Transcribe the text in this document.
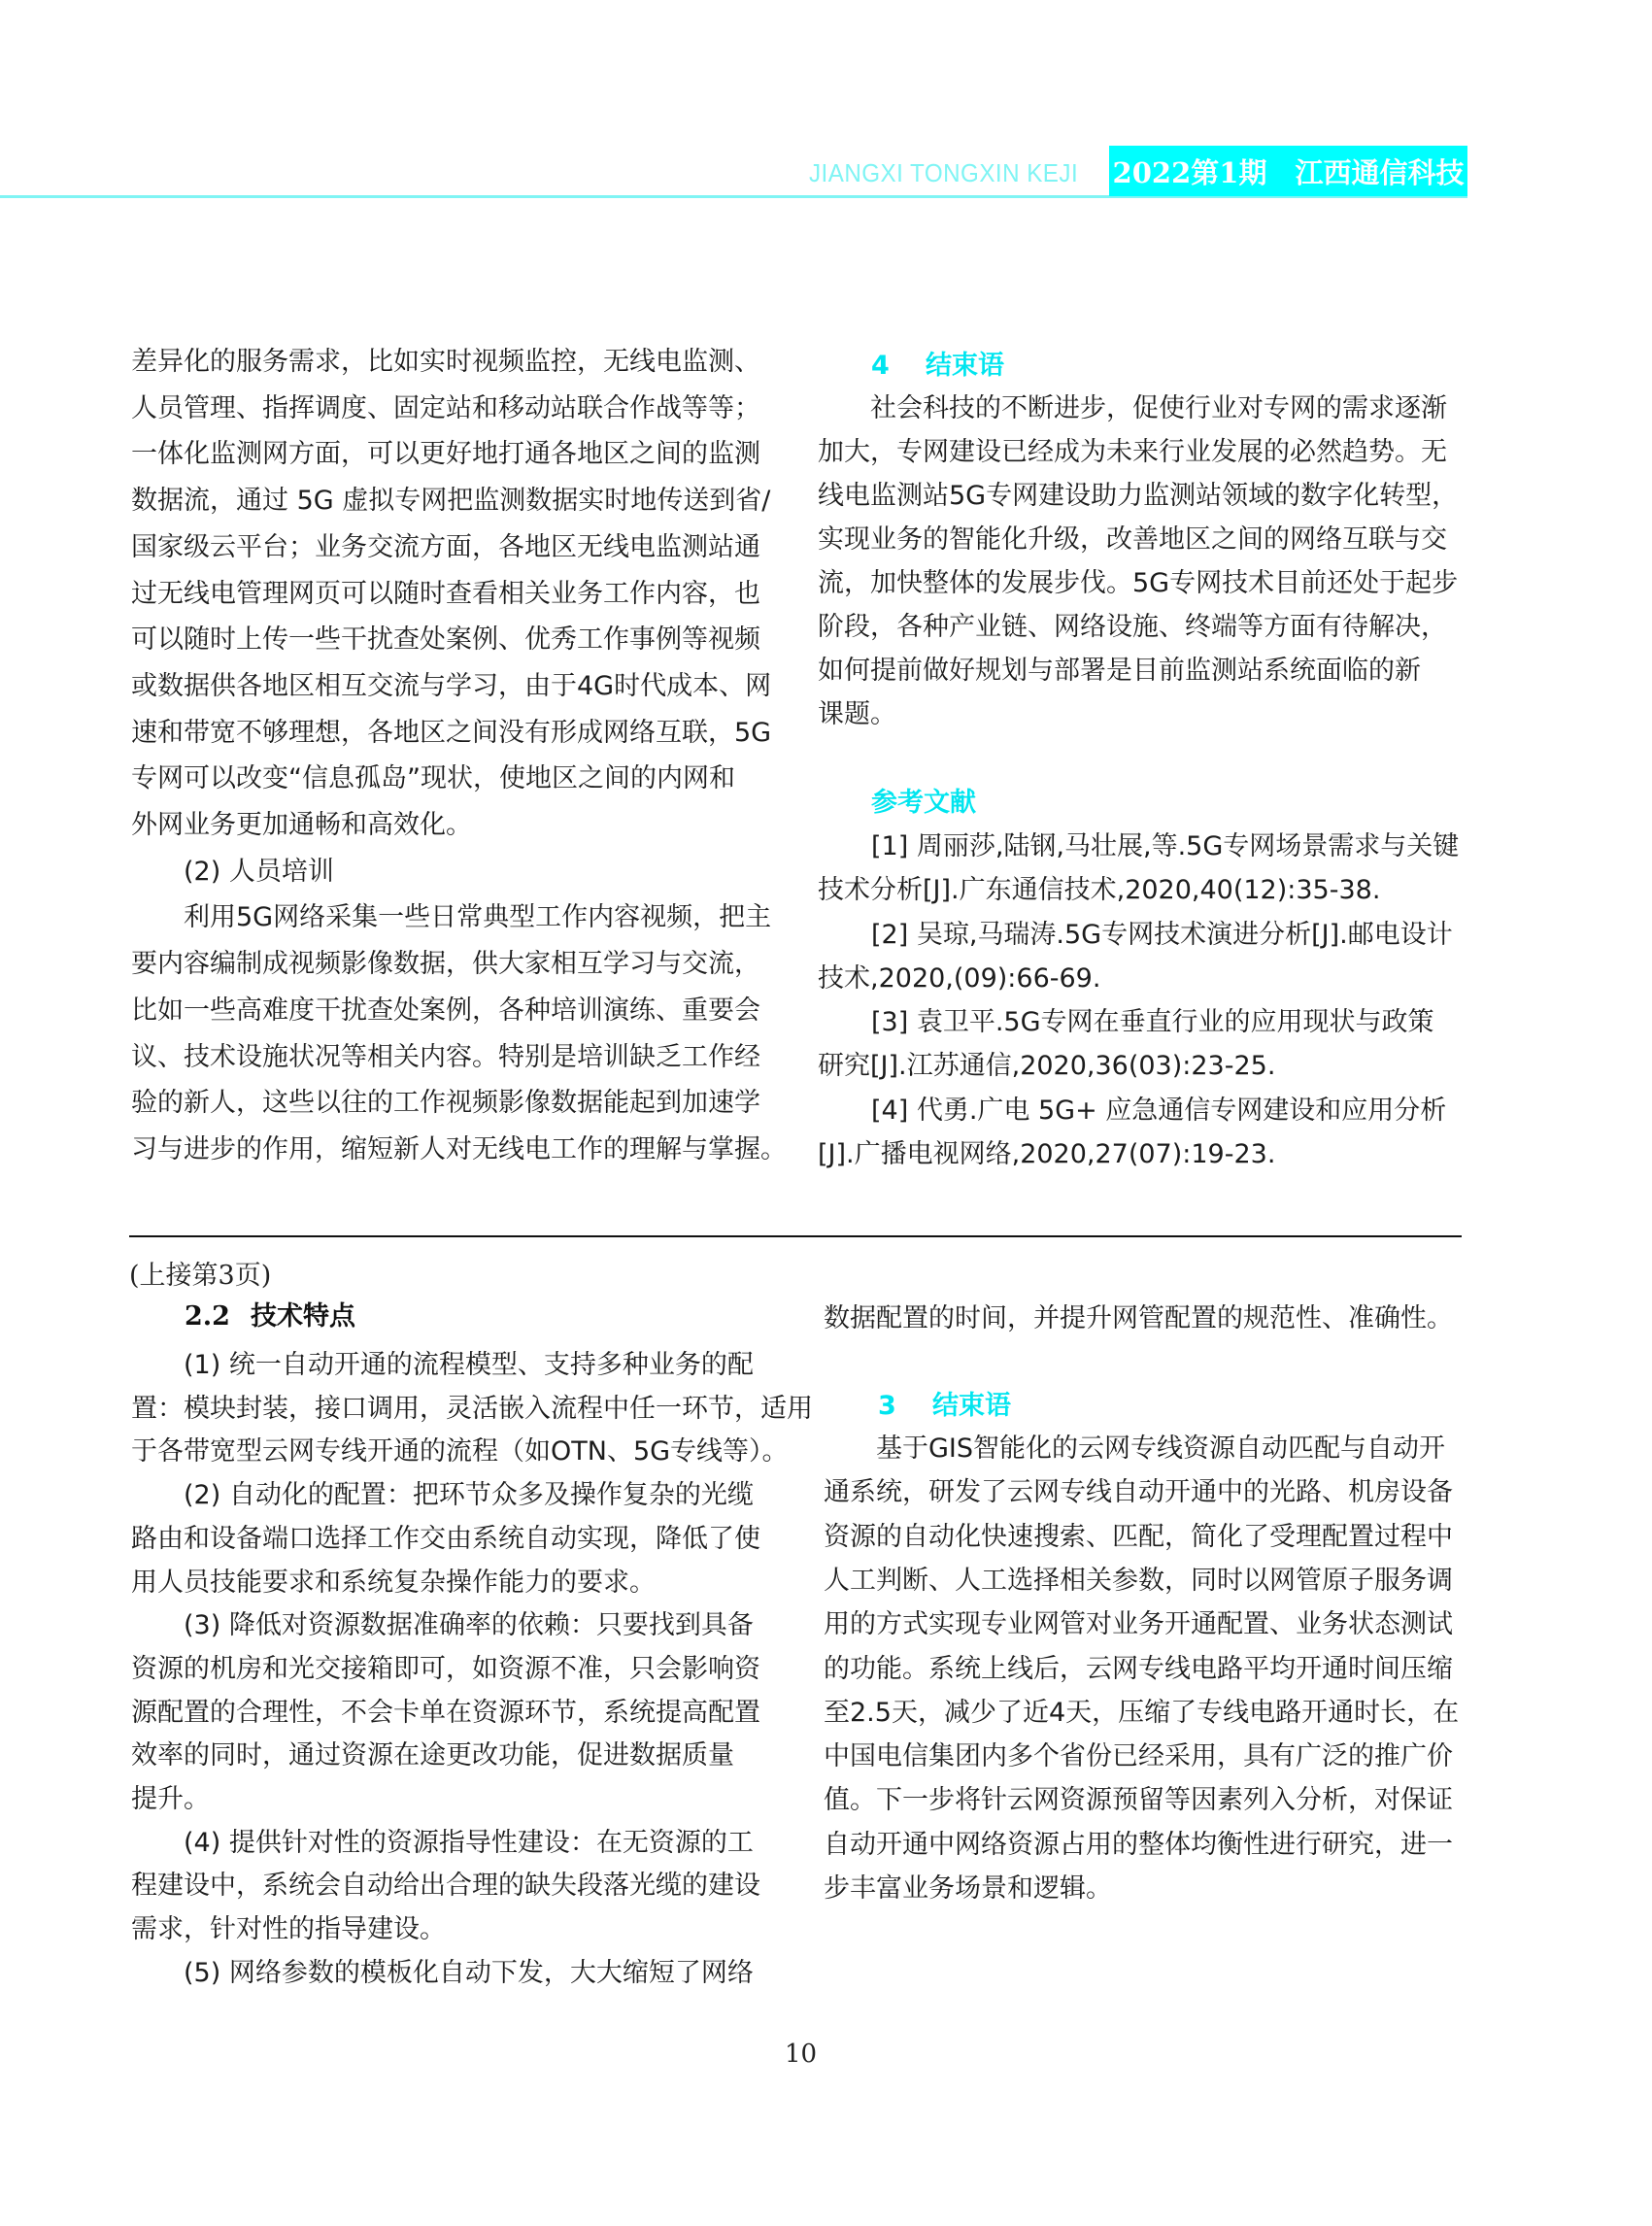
JIANGXI TONGXIN KEJI 2022第1期　江西通信科技
差异化的服务需求，比如实时视频监控，无线电监测、
人员管理、指挥调度、固定站和移动站联合作战等等；
一体化监测网方面，可以更好地打通各地区之间的监测
数据流，通过 5G 虚拟专网把监测数据实时地传送到省/
国家级云平台；业务交流方面，各地区无线电监测站通
过无线电管理网页可以随时查看相关业务工作内容，也
可以随时上传一些干扰查处案例、优秀工作事例等视频
或数据供各地区相互交流与学习，由于4G时代成本、网
速和带宽不够理想，各地区之间没有形成网络互联，5G
专网可以改变“信息孤岛”现状，使地区之间的内网和
外网业务更加通畅和高效化。
　　(2) 人员培训
　　利用5G网络采集一些日常典型工作内容视频，把主
要内容编制成视频影像数据，供大家相互学习与交流，
比如一些高难度干扰查处案例，各种培训演练、重要会
议、技术设施状况等相关内容。特别是培训缺乏工作经
验的新人，这些以往的工作视频影像数据能起到加速学
习与进步的作用，缩短新人对无线电工作的理解与掌握。
4 结束语
参考文献
　　社会科技的不断进步，促使行业对专网的需求逐渐
加大，专网建设已经成为未来行业发展的必然趋势。无
线电监测站5G专网建设助力监测站领域的数字化转型，
实现业务的智能化升级，改善地区之间的网络互联与交
流，加快整体的发展步伐。5G专网技术目前还处于起步
阶段，各种产业链、网络设施、终端等方面有待解决，
如何提前做好规划与部署是目前监测站系统面临的新
课题。
[1] 周丽莎,陆钢,马壮展,等.5G专网场景需求与关键
技术分析[J].广东通信技术,2020,40(12):35-38.
[2] 吴琼,马瑞涛.5G专网技术演进分析[J].邮电设计
技术,2020,(09):66-69.
[3] 袁卫平.5G专网在垂直行业的应用现状与政策
研究[J].江苏通信,2020,36(03):23-25.
[4] 代勇.广电 5G+ 应急通信专网建设和应用分析
[J].广播电视网络,2020,27(07):19-23.
(上接第3页)
2.2 技术特点
　　(1) 统一自动开通的流程模型、支持多种业务的配
置：模块封装，接口调用，灵活嵌入流程中任一环节，适用
于各带宽型云网专线开通的流程（如OTN、5G专线等）。
　　(2) 自动化的配置：把环节众多及操作复杂的光缆
路由和设备端口选择工作交由系统自动实现，降低了使
用人员技能要求和系统复杂操作能力的要求。
　　(3) 降低对资源数据准确率的依赖：只要找到具备
资源的机房和光交接箱即可，如资源不准，只会影响资
源配置的合理性，不会卡单在资源环节，系统提高配置
效率的同时，通过资源在途更改功能，促进数据质量
提升。
　　(4) 提供针对性的资源指导性建设：在无资源的工
程建设中，系统会自动给出合理的缺失段落光缆的建设
需求，针对性的指导建设。
　　(5) 网络参数的模板化自动下发，大大缩短了网络
数据配置的时间，并提升网管配置的规范性、准确性。
3 结束语
　　基于GIS智能化的云网专线资源自动匹配与自动开
通系统，研发了云网专线自动开通中的光路、机房设备
资源的自动化快速搜索、匹配，简化了受理配置过程中
人工判断、人工选择相关参数，同时以网管原子服务调
用的方式实现专业网管对业务开通配置、业务状态测试
的功能。系统上线后，云网专线电路平均开通时间压缩
至2.5天，减少了近4天，压缩了专线电路开通时长，在
中国电信集团内多个省份已经采用，具有广泛的推广价
值。下一步将针云网资源预留等因素列入分析，对保证
自动开通中网络资源占用的整体均衡性进行研究，进一
步丰富业务场景和逻辑。
10
